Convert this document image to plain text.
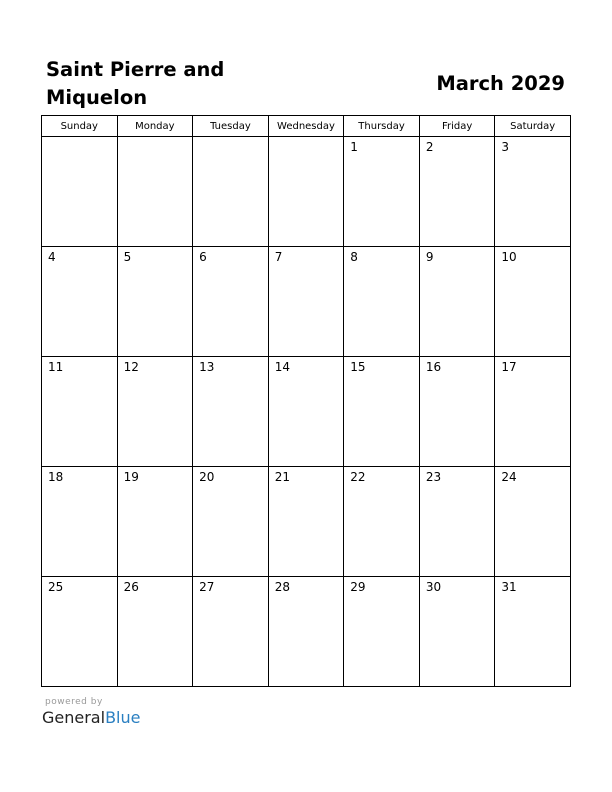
Saint Pierre and
Miquelon
March 2029
Sunday	Monday	Tuesday	Wednesday	Thursday	Friday	Saturday

				1	2	3

4	5	6	7	8	9	10

11	12	13	14	15	16	17

18	19	20	21	22	23	24

25	26	27	28	29	30	31
powered by
GeneralBlue
